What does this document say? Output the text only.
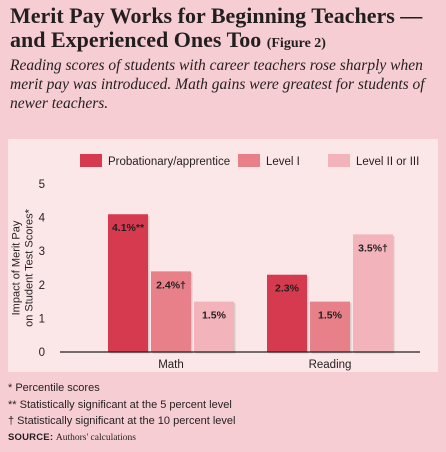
Merit Pay Works for Beginning Teachers — and Experienced Ones Too (Figure 2)
Reading scores of students with career teachers rose sharply when merit pay was introduced. Math gains were greatest for students of newer teachers.
Probationary/apprentice	Level I	Level II or III
0
1
2
3
4
5
Impact of Merit Payon Student Test Scores*	4.1%**
2.4%†
1.5%
Math
2.3%
1.5%
3.5%†
Reading
* Percentile scores
** Statistically significant at the 5 percent level
† Statistically significant at the 10 percent level
SOURCE: Authors' calculations
